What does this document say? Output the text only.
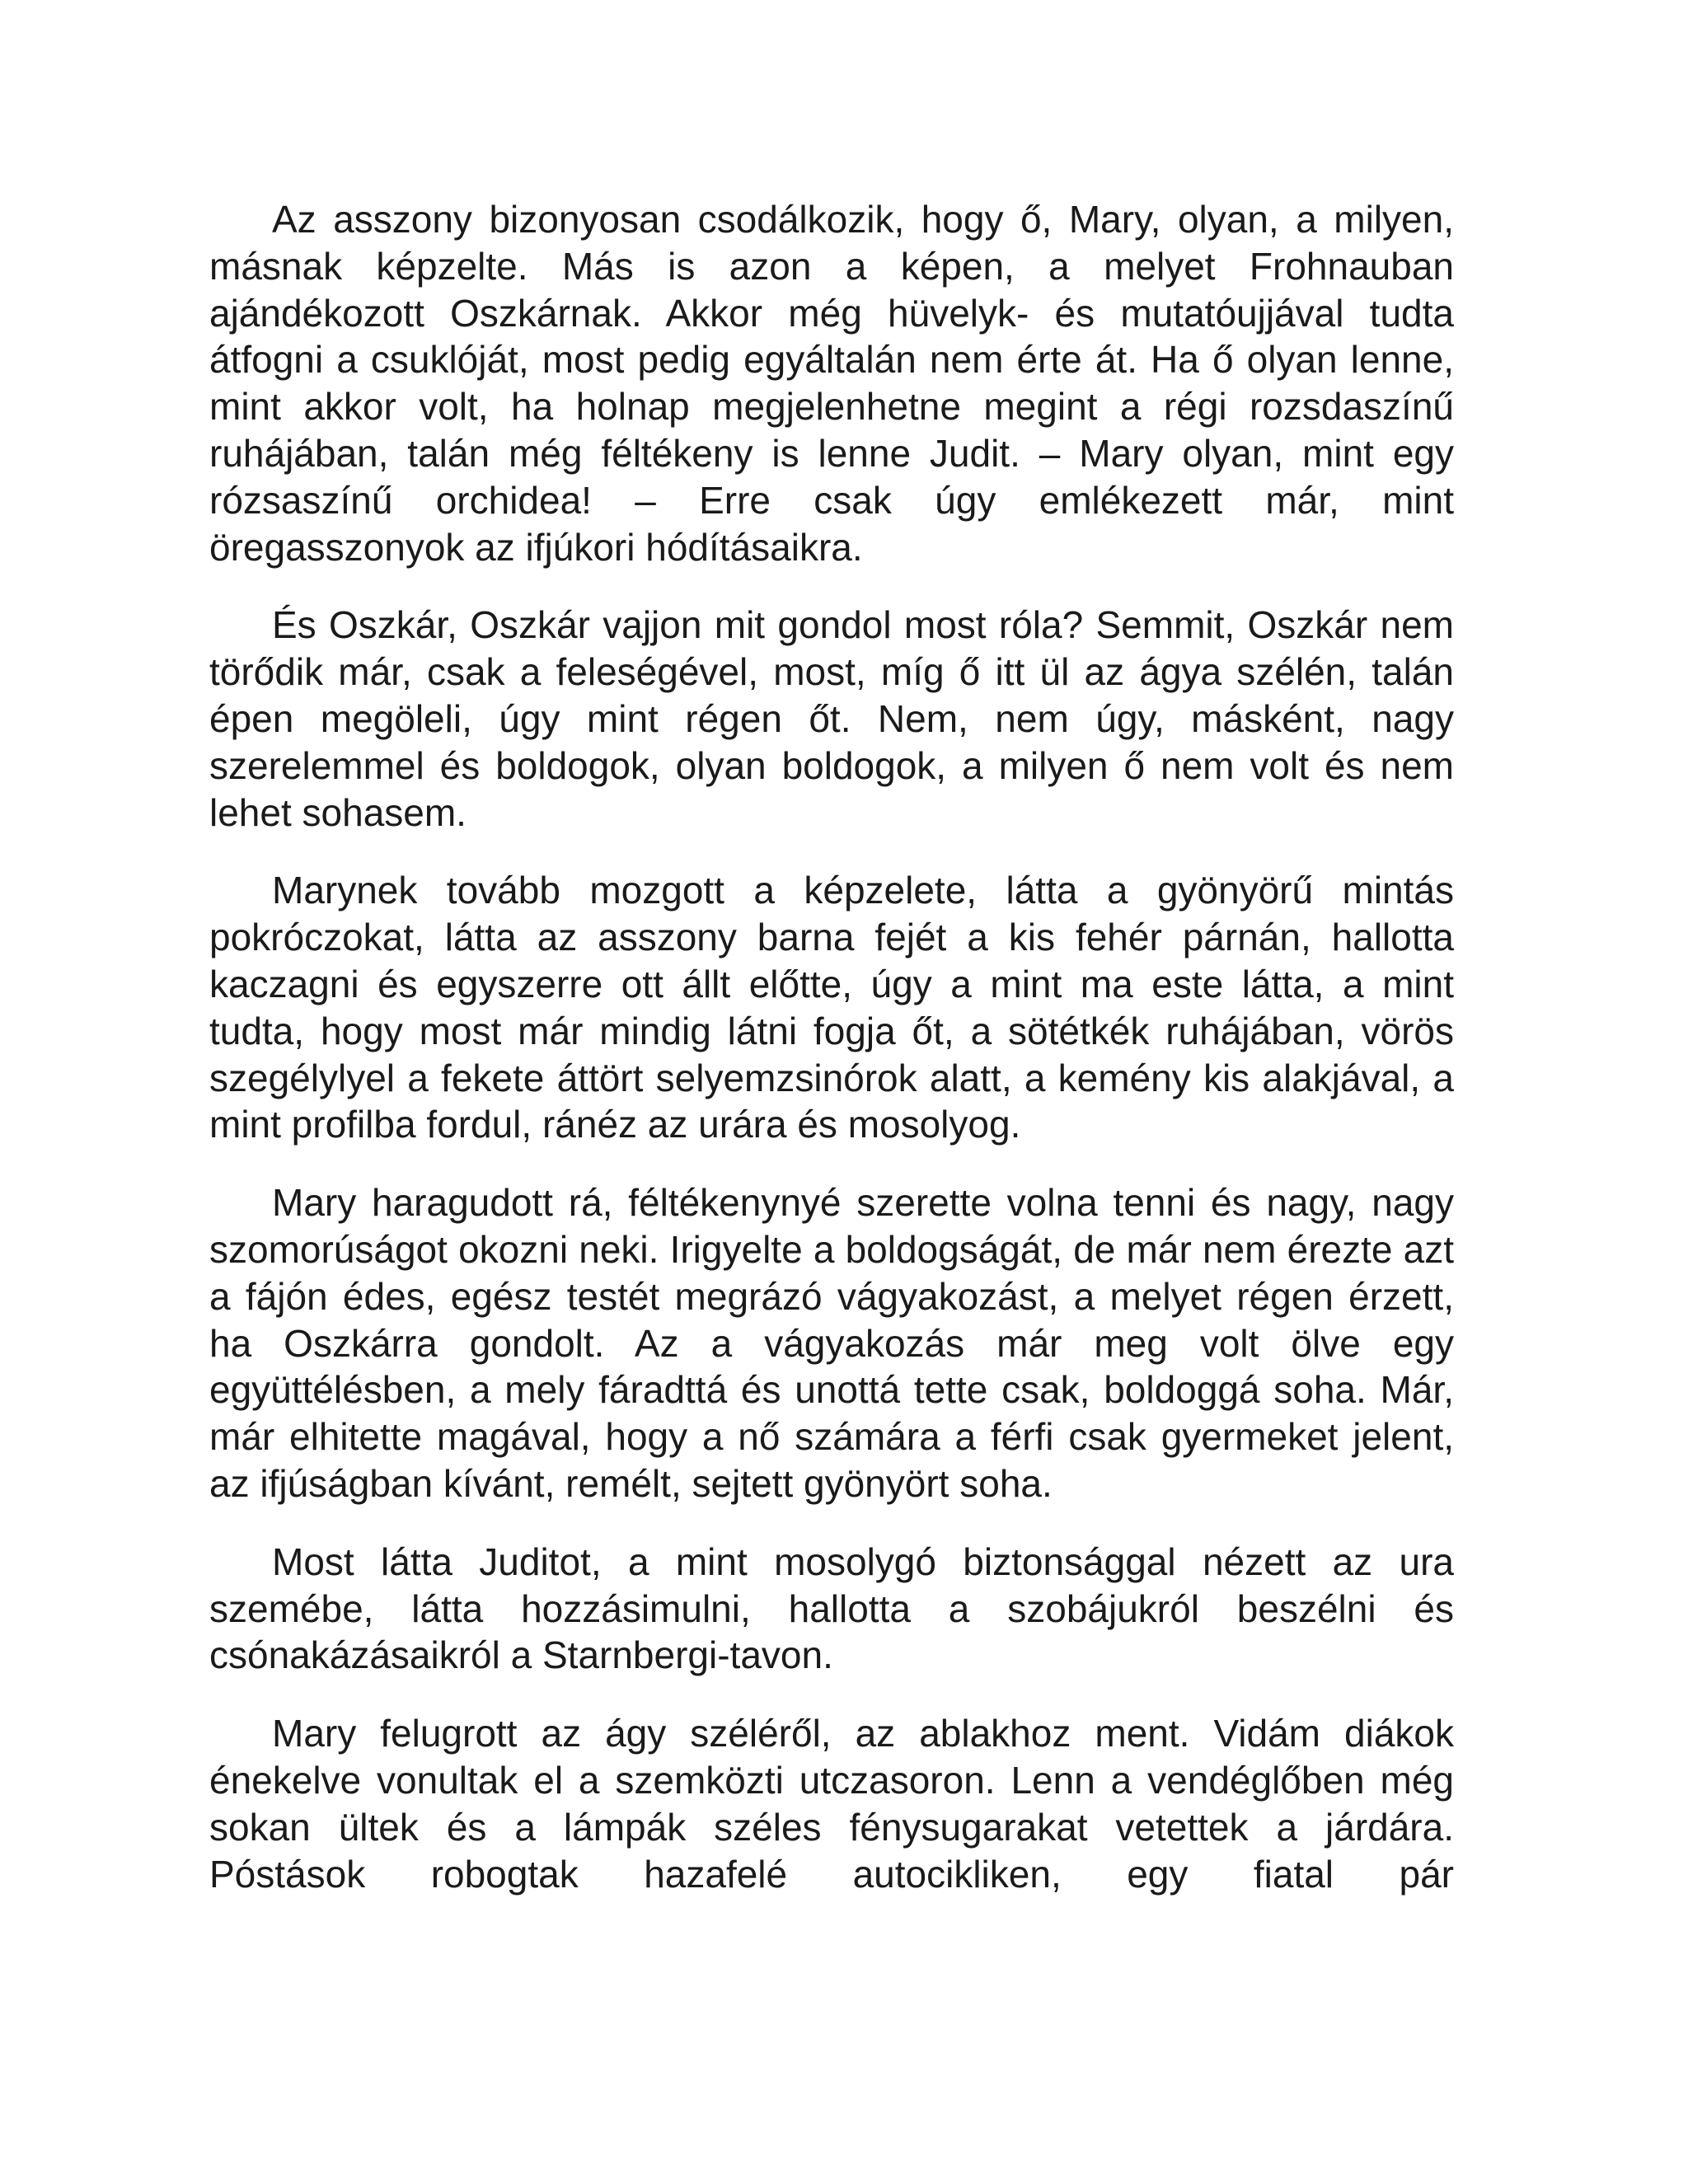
Az asszony bizonyosan csodálkozik, hogy ő, Mary, olyan, a milyen, másnak képzelte. Más is azon a képen, a melyet Frohnauban ajándékozott Oszkárnak. Akkor még hüvelyk- és mutatóujjával tudta átfogni a csuklóját, most pedig egyáltalán nem érte át. Ha ő olyan lenne, mint akkor volt, ha holnap megjelenhetne megint a régi rozsdaszínű ruhájában, talán még féltékeny is lenne Judit. – Mary olyan, mint egy rózsaszínű orchidea! – Erre csak úgy emlékezett már, mint öregasszonyok az ifjúkori hódításaikra.

És Oszkár, Oszkár vajjon mit gondol most róla? Semmit, Oszkár nem törődik már, csak a feleségével, most, míg ő itt ül az ágya szélén, talán épen megöleli, úgy mint régen őt. Nem, nem úgy, másként, nagy szerelemmel és boldogok, olyan boldogok, a milyen ő nem volt és nem lehet sohasem.

Marynek tovább mozgott a képzelete, látta a gyönyörű mintás pokróczokat, látta az asszony barna fejét a kis fehér párnán, hallotta kaczagni és egyszerre ott állt előtte, úgy a mint ma este látta, a mint tudta, hogy most már mindig látni fogja őt, a sötétkék ruhájában, vörös szegélylyel a fekete áttört selyemzsinórok alatt, a kemény kis alakjával, a mint profilba fordul, ránéz az urára és mosolyog.

Mary haragudott rá, féltékenynyé szerette volna tenni és nagy, nagy szomorúságot okozni neki. Irigyelte a boldogságát, de már nem érezte azt a fájón édes, egész testét megrázó vágyakozást, a melyet régen érzett, ha Oszkárra gondolt. Az a vágyakozás már meg volt ölve egy együttélésben, a mely fáradttá és unottá tette csak, boldoggá soha. Már, már elhitette magával, hogy a nő számára a férfi csak gyermeket jelent, az ifjúságban kívánt, remélt, sejtett gyönyört soha.

Most látta Juditot, a mint mosolygó biztonsággal nézett az ura szemébe, látta hozzásimulni, hallotta a szobájukról beszélni és csónakázásaikról a Starnbergi-tavon.

Mary felugrott az ágy széléről, az ablakhoz ment. Vidám diákok énekelve vonultak el a szemközti utczasoron. Lenn a vendéglőben még sokan ültek és a lámpák széles fénysugarakat vetettek a járdára. Póstások robogtak hazafelé autocikliken, egy fiatal pár
